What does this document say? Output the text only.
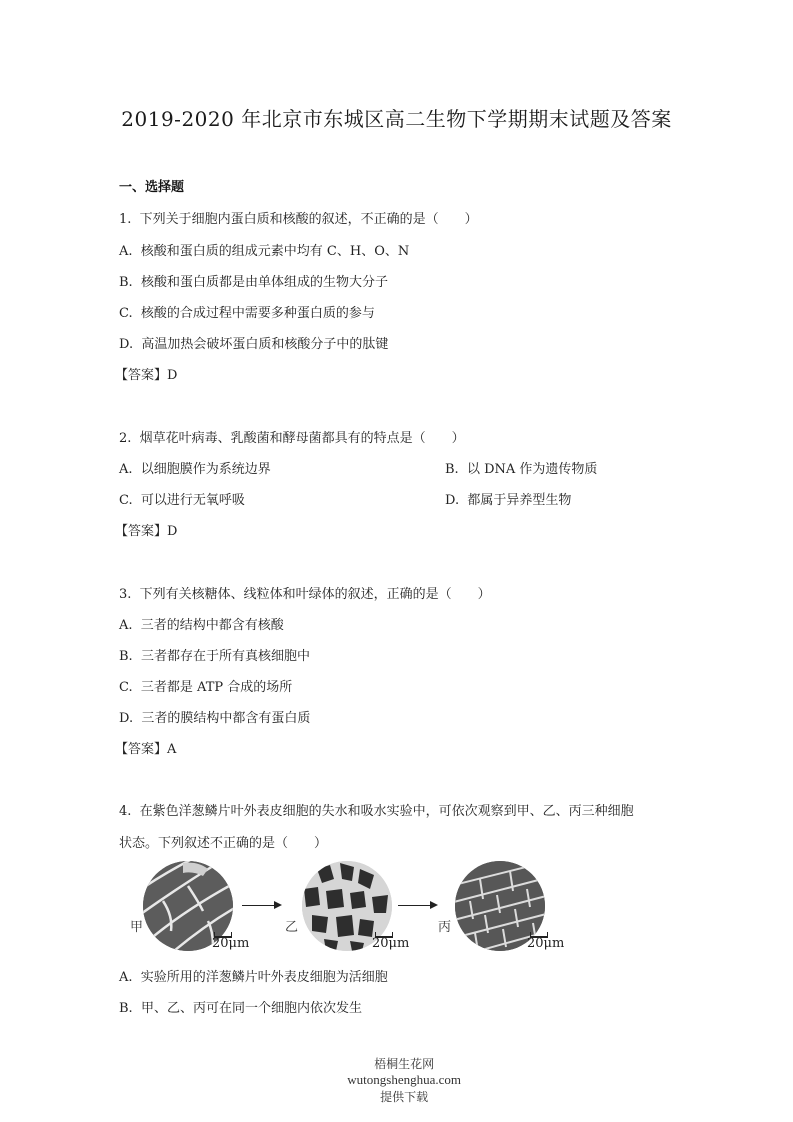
2019-2020 年北京市东城区高二生物下学期期末试题及答案
一、选择题
1.  下列关于细胞内蛋白质和核酸的叙述，不正确的是（　　）
A.  核酸和蛋白质的组成元素中均有 C、H、O、N
B.  核酸和蛋白质都是由单体组成的生物大分子
C.  核酸的合成过程中需要多种蛋白质的参与
D.  高温加热会破坏蛋白质和核酸分子中的肽键
【答案】D
2.  烟草花叶病毒、乳酸菌和酵母菌都具有的特点是（　　）
A.  以细胞膜作为系统边界	B.  以 DNA 作为遗传物质
C.  可以进行无氧呼吸	D.  都属于异养型生物
【答案】D
3.  下列有关核糖体、线粒体和叶绿体的叙述，正确的是（　　）
A.  三者的结构中都含有核酸
B.  三者都存在于所有真核细胞中
C.  三者都是 ATP 合成的场所
D.  三者的膜结构中都含有蛋白质
【答案】A
4.  在紫色洋葱鳞片叶外表皮细胞的失水和吸水实验中，可依次观察到甲、乙、丙三种细胞
状态。下列叙述不正确的是（　　）
甲
20μm
乙
20μm
丙
20μm
A.  实验所用的洋葱鳞片叶外表皮细胞为活细胞
B.  甲、乙、丙可在同一个细胞内依次发生

梧桐生花网
wutongshenghua.com
提供下载
